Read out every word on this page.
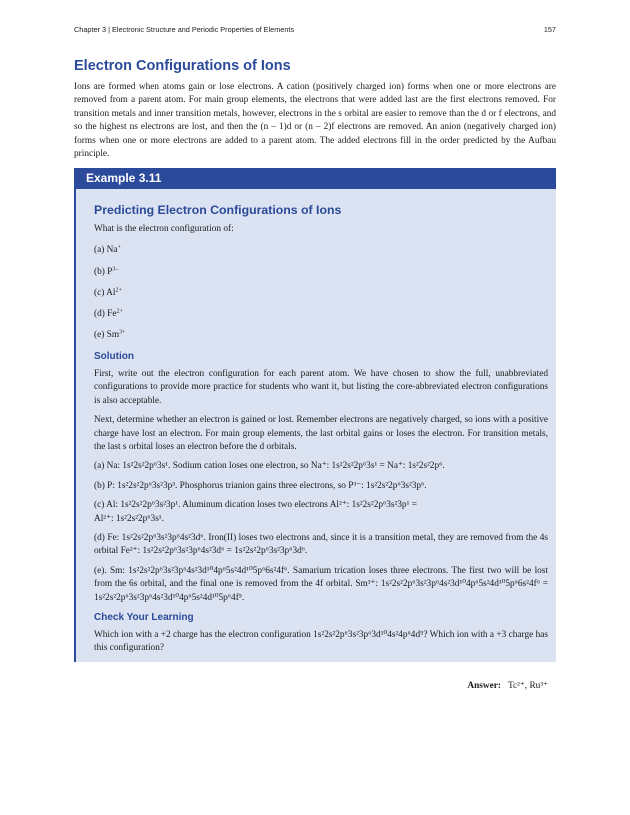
Chapter 3 | Electronic Structure and Periodic Properties of Elements	157
Electron Configurations of Ions

Ions are formed when atoms gain or lose electrons. A cation (positively charged ion) forms when one or more electrons are removed from a parent atom. For main group elements, the electrons that were added last are the first electrons removed. For transition metals and inner transition metals, however, electrons in the s orbital are easier to remove than the d or f electrons, and so the highest ns electrons are lost, and then the (n – 1)d or (n – 2)f electrons are removed. An anion (negatively charged ion) forms when one or more electrons are added to a parent atom. The added electrons fill in the order predicted by the Aufbau principle.

Example 3.11
Predicting Electron Configurations of Ions

What is the electron configuration of:

(a) Na+
(b) $P^{3-}$
(c) $Al^{2+}$
(d) $Fe^{2+}$
(e) $Sm^{3+}$
Solution

First, write out the electron configuration for each parent atom. We have chosen to show the full, unabbreviated configurations to provide more practice for students who want it, but listing the core-abbreviated electron configurations is also acceptable.

Next, determine whether an electron is gained or lost. Remember electrons are negatively charged, so ions with a positive charge have lost an electron. For main group elements, the last orbital gains or loses the electron. For transition metals, the last s orbital loses an electron before the d orbitals.

(a) Na: 1s²2s²2p⁶3s¹. Sodium cation loses one electron, so Na⁺: 1s²2s²2p⁶3s¹ = Na⁺: 1s²2s²2p⁶.

(b) P: 1s²2s²2p⁶3s²3p³. Phosphorus trianion gains three electrons, so P³⁻: 1s²2s²2p⁶3s²3p⁶.

(c) Al: 1s²2s²2p⁶3s²3p¹. Aluminum dication loses two electrons Al²⁺: 1s²2s²2p⁶3s²3p¹ =

Al²⁺: 1s²2s²2p⁶3s¹.

(d) Fe: 1s²2s²2p⁶3s²3p⁶4s²3d⁶. Iron(II) loses two electrons and, since it is a transition metal, they are removed from the 4s orbital Fe²⁺: 1s²2s²2p⁶3s²3p⁶4s²3d⁶ = 1s²2s²2p⁶3s²3p⁶3d⁶.

(e). Sm: 1s²2s²2p⁶3s²3p⁶4s²3d¹⁰4p⁶5s²4d¹⁰5p⁶6s²4f⁶. Samarium trication loses three electrons. The first two will be lost from the 6s orbital, and the final one is removed from the 4f orbital. Sm³⁺: 1s²2s²2p⁶3s²3p⁶4s²3d¹⁰4p⁶5s²4d¹⁰5p⁶6s²4f⁶ = 1s²2s²2p⁶3s²3p⁶4s²3d¹⁰4p⁶5s²4d¹⁰5p⁶4f⁵.

Check Your Learning

Which ion with a +2 charge has the electron configuration 1s²2s²2p⁶3s²3p⁶3d¹⁰4s²4p⁶4d⁵? Which ion with a +3 charge has this configuration?

Answer: Tc²⁺, Ru³⁺
